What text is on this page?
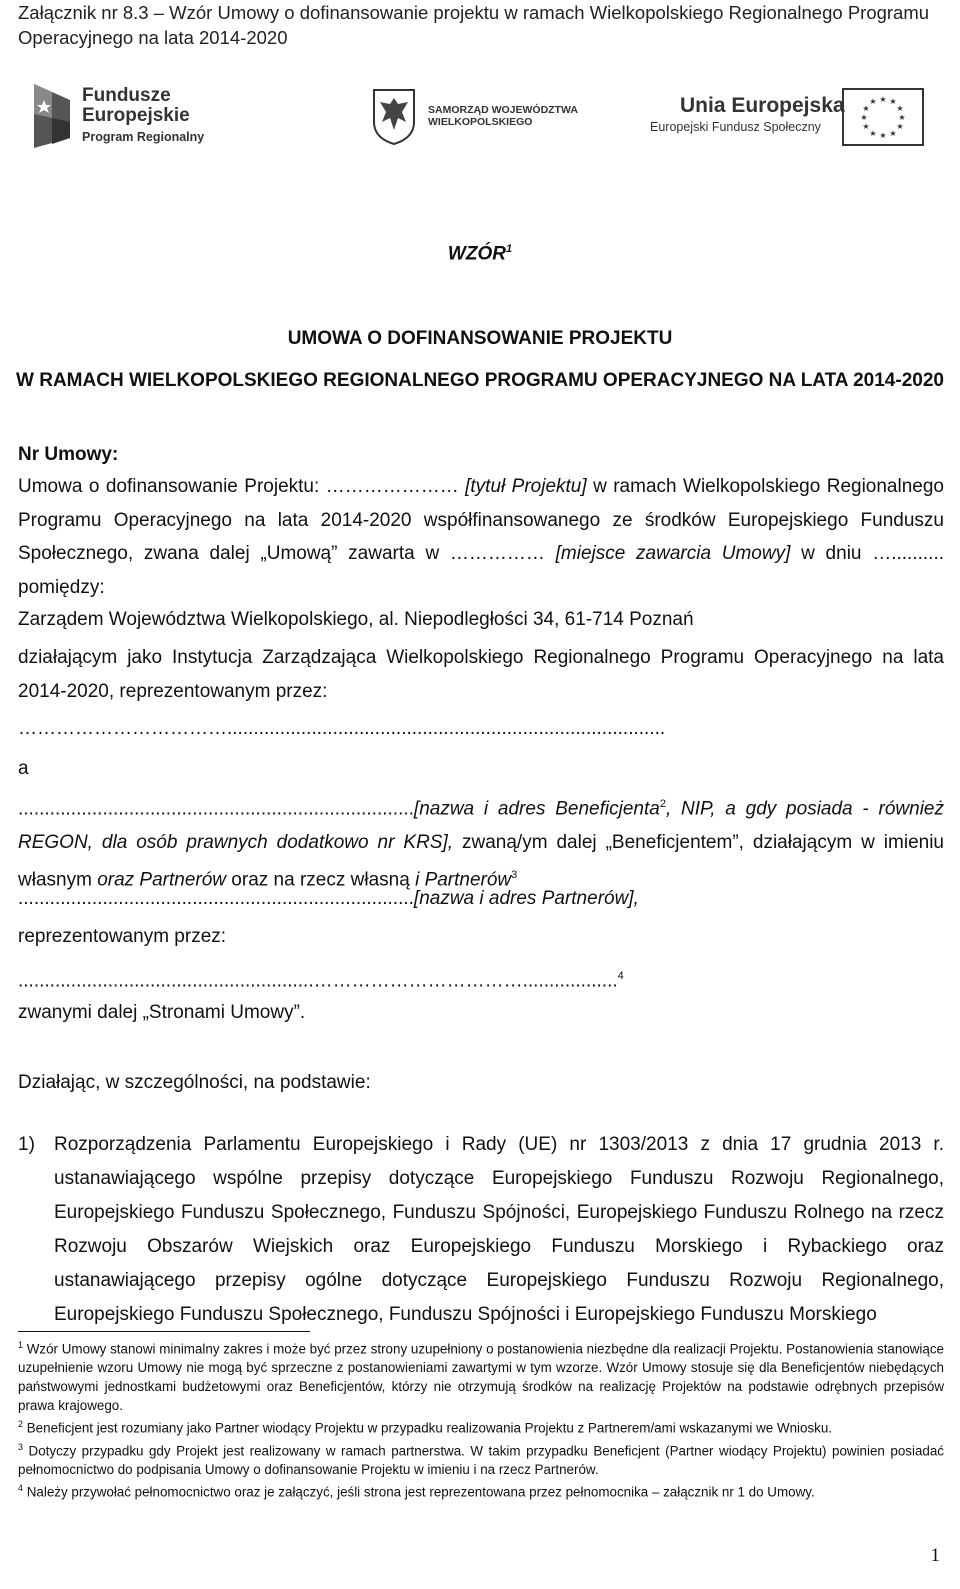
Załącznik nr 8.3 – Wzór Umowy o dofinansowanie projektu w ramach Wielkopolskiego Regionalnego Programu Operacyjnego na lata 2014-2020
Fundusze
Europejskie
Program Regionalny
SAMORZĄD WOJEWÓDZTWA
WIELKOPOLSKIEGO
Unia Europejska
Europejski Fundusz Społeczny
★ ★
★
★
★
★
★
★
★
★
★
★
WZÓR$^1$
UMOWA O DOFINANSOWANIE PROJEKTU
W RAMACH WIELKOPOLSKIEGO REGIONALNEGO PROGRAMU OPERACYJNEGO NA LATA 2014-2020
Nr Umowy:
Umowa o dofinansowanie Projektu: ………………… [tytuł Projektu] w ramach Wielkopolskiego Regionalnego Programu Operacyjnego na lata 2014-2020 współfinansowanego ze środków Europejskiego Funduszu Społecznego, zwana dalej „Umową” zawarta w …………… [miejsce zawarcia Umowy] w dniu ….......... pomiędzy:
Zarządem Województwa Wielkopolskiego, al. Niepodległości 34, 61-714 Poznań
działającym jako Instytucja Zarządzająca Wielkopolskiego Regionalnego Programu Operacyjnego na lata 2014-2020, reprezentowanym przez:
……………………………...................................................................................
a
...........................................................................[nazwa i adres Beneficjenta$^2$, NIP, a gdy posiada - również REGON, dla osób prawnych dodatkowo nr KRS], zwaną/ym dalej „Beneficjentem”, działającym w imieniu własnym oraz Partnerów oraz na rzecz własną i Partnerów$^3$
...........................................................................[nazwa i adres Partnerów],
reprezentowanym przez:
........................................................……………………………..................$^4$
zwanymi dalej „Stronami Umowy”.
Działając, w szczególności, na podstawie:
1) Rozporządzenia Parlamentu Europejskiego i Rady (UE) nr 1303/2013 z dnia 17 grudnia 2013 r. ustanawiającego wspólne przepisy dotyczące Europejskiego Funduszu Rozwoju Regionalnego, Europejskiego Funduszu Społecznego, Funduszu Spójności, Europejskiego Funduszu Rolnego na rzecz Rozwoju Obszarów Wiejskich oraz Europejskiego Funduszu Morskiego i Rybackiego oraz ustanawiającego przepisy ogólne dotyczące Europejskiego Funduszu Rozwoju Regionalnego, Europejskiego Funduszu Społecznego, Funduszu Spójności i Europejskiego Funduszu Morskiego

$^1$ Wzór Umowy stanowi minimalny zakres i może być przez strony uzupełniony o postanowienia niezbędne dla realizacji Projektu. Postanowienia stanowiące uzupełnienie wzoru Umowy nie mogą być sprzeczne z postanowieniami zawartymi w tym wzorze. Wzór Umowy stosuje się dla Beneficjentów niebędących państwowymi jednostkami budżetowymi oraz Beneficjentów, którzy nie otrzymują środków na realizację Projektów na podstawie odrębnych przepisów prawa krajowego.

$^2$ Beneficjent jest rozumiany jako Partner wiodący Projektu w przypadku realizowania Projektu z Partnerem/ami wskazanymi we Wniosku.

$^3$ Dotyczy przypadku gdy Projekt jest realizowany w ramach partnerstwa. W takim przypadku Beneficjent (Partner wiodący Projektu) powinien posiadać pełnomocnictwo do podpisania Umowy o dofinansowanie Projektu w imieniu i na rzecz Partnerów.

$^4$ Należy przywołać pełnomocnictwo oraz je załączyć, jeśli strona jest reprezentowana przez pełnomocnika – załącznik nr 1 do Umowy.

1
